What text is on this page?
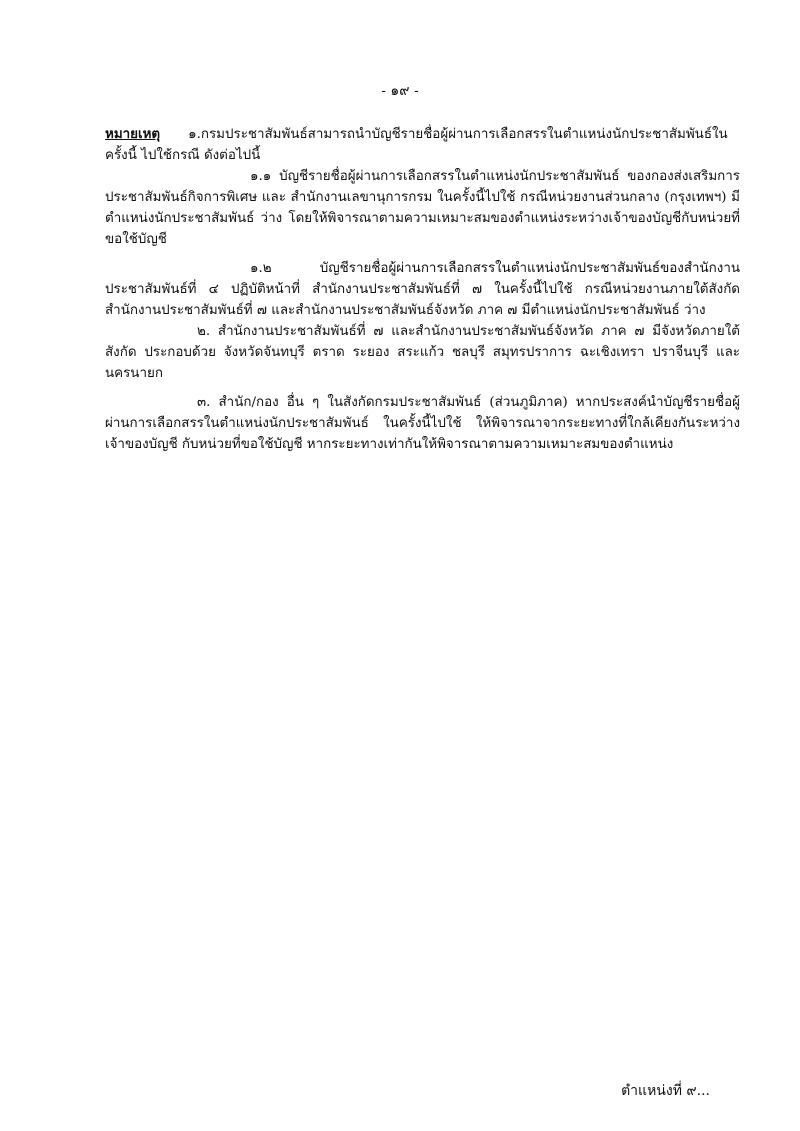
- ๑๙ -

หมายเหตุ ๑.กรมประชาสัมพันธ์สามารถนำบัญชีรายชื่อผู้ผ่านการเลือกสรรในตำแหน่งนักประชาสัมพันธ์ในครั้งนี้ ไปใช้กรณี ดังต่อไปนี้

๑.๑ บัญชีรายชื่อผู้ผ่านการเลือกสรรในตำแหน่งนักประชาสัมพันธ์ ของกองส่งเสริมการประชาสัมพันธ์กิจการพิเศษ และ สำนักงานเลขานุการกรม ในครั้งนี้ไปใช้ กรณีหน่วยงานส่วนกลาง (กรุงเทพฯ) มีตำแหน่งนักประชาสัมพันธ์ ว่าง โดยให้พิจารณาตามความเหมาะสมของตำแหน่งระหว่างเจ้าของบัญชีกับหน่วยที่ขอใช้บัญชี

๑.๒ บัญชีรายชื่อผู้ผ่านการเลือกสรรในตำแหน่งนักประชาสัมพันธ์ของสำนักงานประชาสัมพันธ์ที่ ๔ ปฏิบัติหน้าที่ สำนักงานประชาสัมพันธ์ที่ ๗ ในครั้งนี้ไปใช้ กรณีหน่วยงานภายใต้สังกัดสำนักงานประชาสัมพันธ์ที่ ๗ และสำนักงานประชาสัมพันธ์จังหวัด ภาค ๗ มีตำแหน่งนักประชาสัมพันธ์ ว่าง

๒. สำนักงานประชาสัมพันธ์ที่ ๗ และสำนักงานประชาสัมพันธ์จังหวัด ภาค ๗ มีจังหวัดภายใต้สังกัด ประกอบด้วย จังหวัดจันทบุรี ตราด ระยอง สระแก้ว ชลบุรี สมุทรปราการ ฉะเชิงเทรา ปราจีนบุรี และ นครนายก

๓. สำนัก/กอง อื่น ๆ ในสังกัดกรมประชาสัมพันธ์ (ส่วนภูมิภาค) หากประสงค์นำบัญชีรายชื่อผู้ผ่านการเลือกสรรในตำแหน่งนักประชาสัมพันธ์ ในครั้งนี้ไปใช้ ให้พิจารณาจากระยะทางที่ใกล้เคียงกันระหว่างเจ้าของบัญชี กับหน่วยที่ขอใช้บัญชี หากระยะทางเท่ากันให้พิจารณาตามความเหมาะสมของตำแหน่ง

ตำแหน่งที่ ๙...
